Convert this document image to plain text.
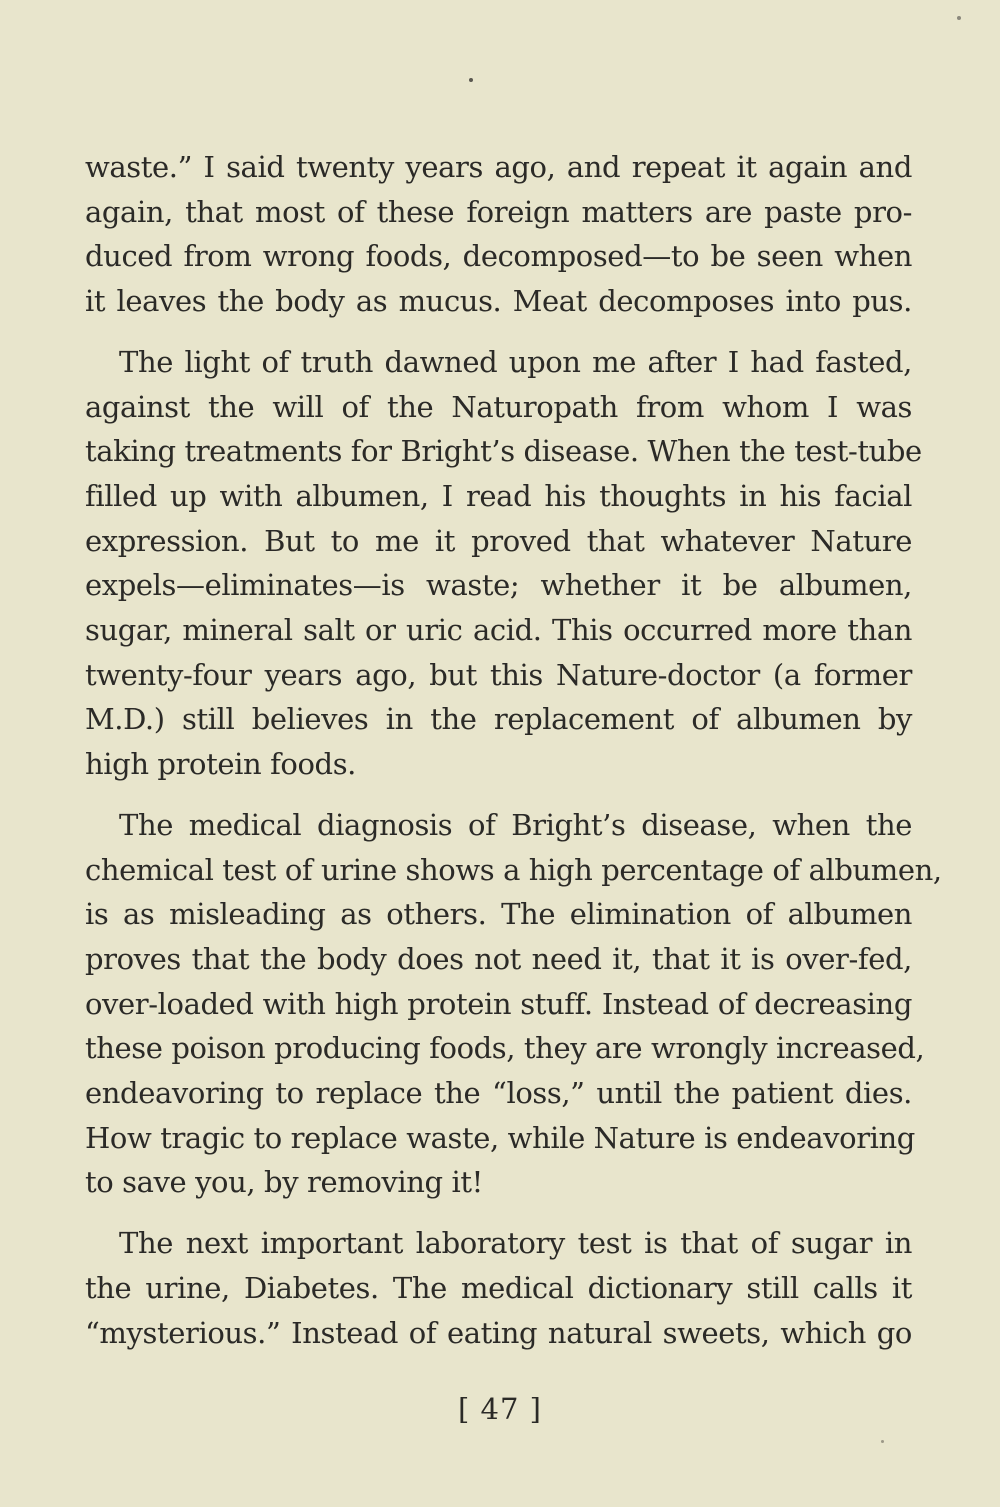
waste.” I said twenty years ago, and repeat it again and
again, that most of these foreign matters are paste pro-
duced from wrong foods, decomposed—to be seen when
it leaves the body as mucus. Meat decomposes into pus.

The light of truth dawned upon me after I had fasted,
against the will of the Naturopath from whom I was
taking treatments for Bright’s disease. When the test-tube
filled up with albumen, I read his thoughts in his facial
expression. But to me it proved that whatever Nature
expels—eliminates—is waste; whether it be albumen,
sugar, mineral salt or uric acid. This occurred more than
twenty-four years ago, but this Nature-doctor (a former
M.D.) still believes in the replacement of albumen by
high protein foods.

The medical diagnosis of Bright’s disease, when the
chemical test of urine shows a high percentage of albumen,
is as misleading as others. The elimination of albumen
proves that the body does not need it, that it is over-fed,
over-loaded with high protein stuff. Instead of decreasing
these poison producing foods, they are wrongly increased,
endeavoring to replace the “loss,” until the patient dies.
How tragic to replace waste, while Nature is endeavoring
to save you, by removing it!

The next important laboratory test is that of sugar in
the urine, Diabetes. The medical dictionary still calls it
“mysterious.” Instead of eating natural sweets, which go

[ 47 ]
